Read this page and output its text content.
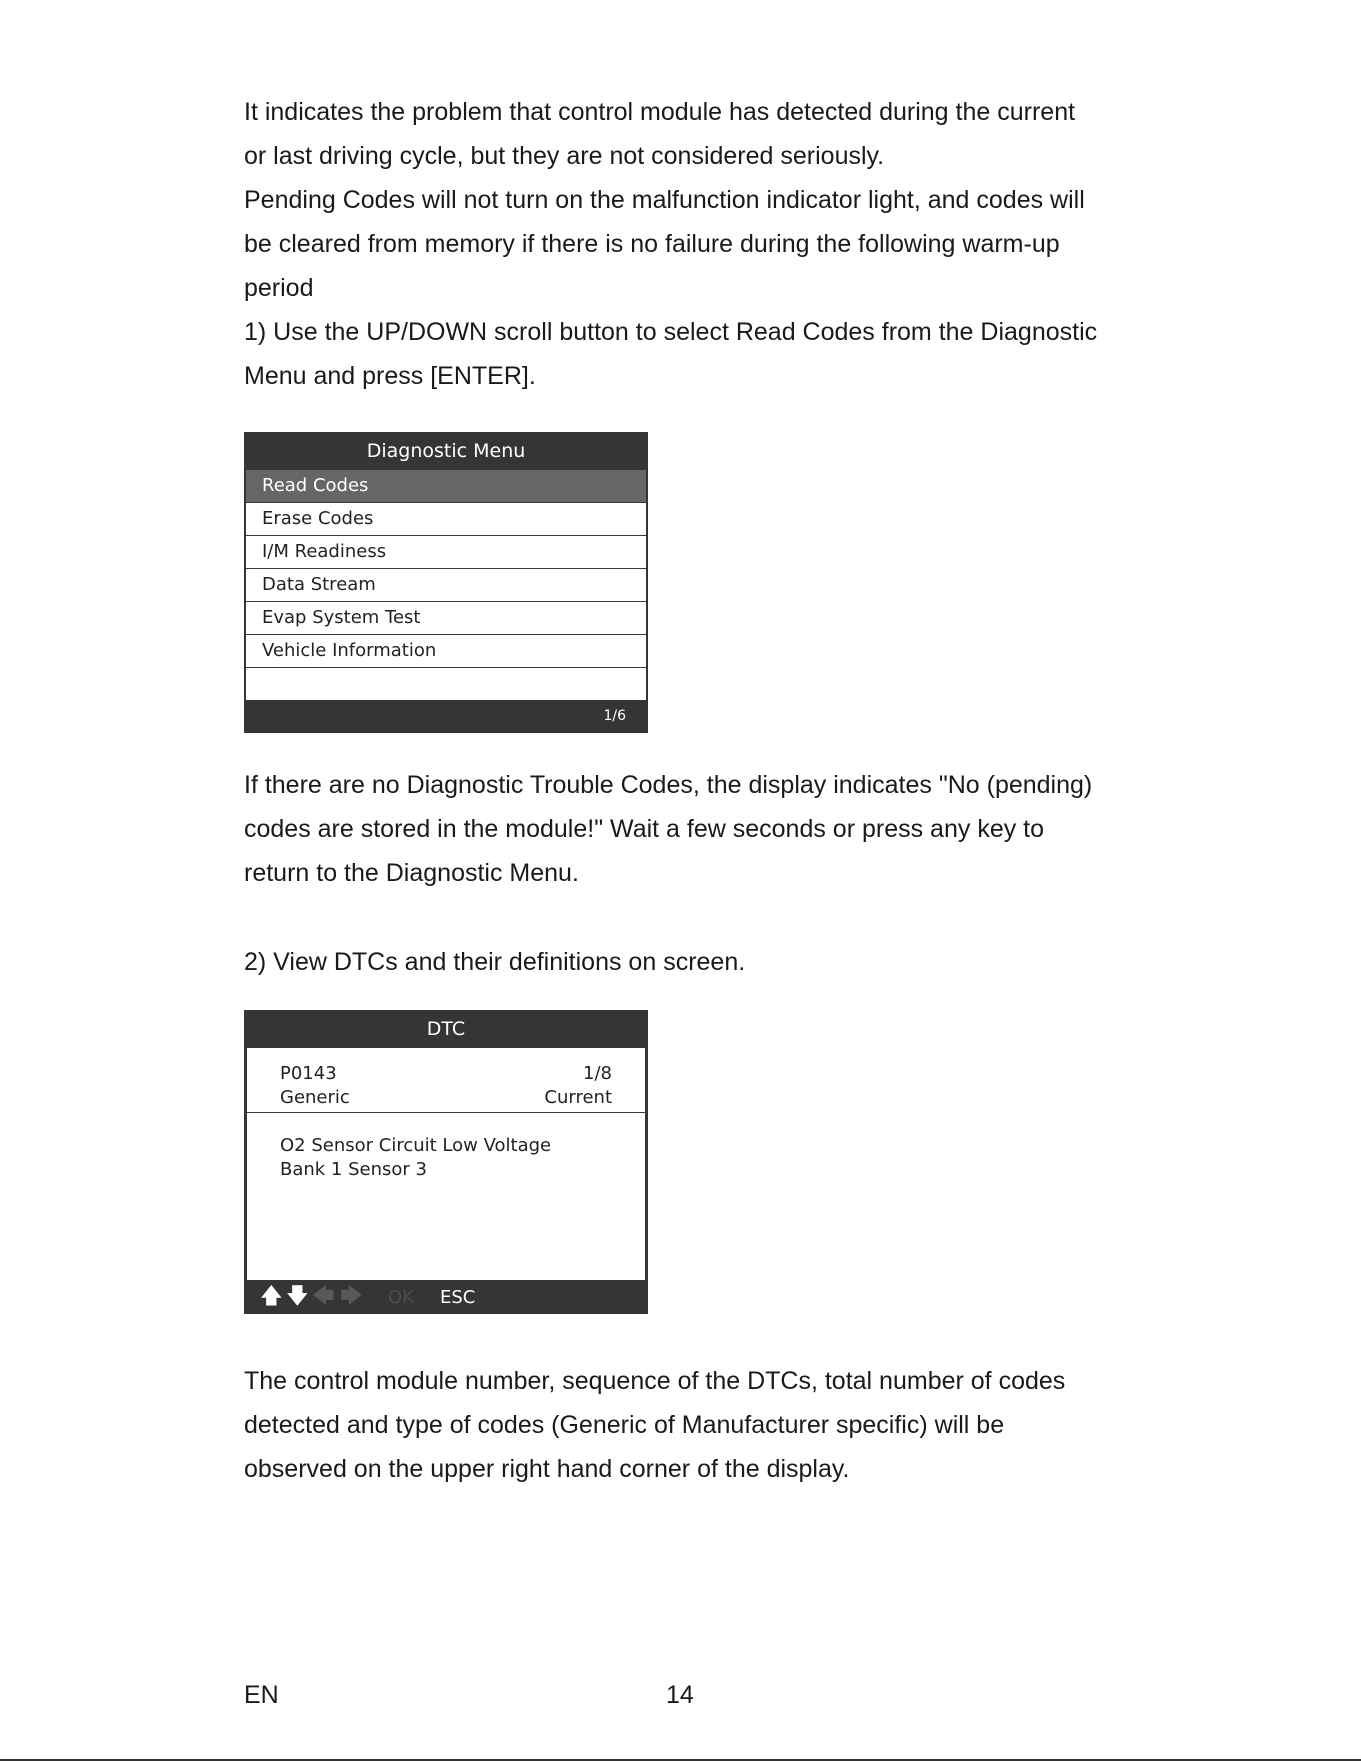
It indicates the problem that control module has detected during the current
or last driving cycle, but they are not considered seriously.
Pending Codes will not turn on the malfunction indicator light, and codes will
be cleared from memory if there is no failure during the following warm-up
period
1) Use the UP/DOWN scroll button to select Read Codes from the Diagnostic
Menu and press [ENTER].
Diagnostic Menu
Read Codes
Erase Codes
I/M Readiness
Data Stream
Evap System Test
Vehicle Information
1/6
If there are no Diagnostic Trouble Codes, the display indicates "No (pending)
codes are stored in the module!" Wait a few seconds or press any key to
return to the Diagnostic Menu.
2) View DTCs and their definitions on screen.
DTC
P0143	1/8
Generic	Current
O2 Sensor Circuit Low Voltage
Bank 1 Sensor 3
🡅 🡇 🡄 🡆 OK ESC
The control module number, sequence of the DTCs, total number of codes
detected and type of codes (Generic of Manufacturer specific) will be
observed on the upper right hand corner of the display.
EN	14
